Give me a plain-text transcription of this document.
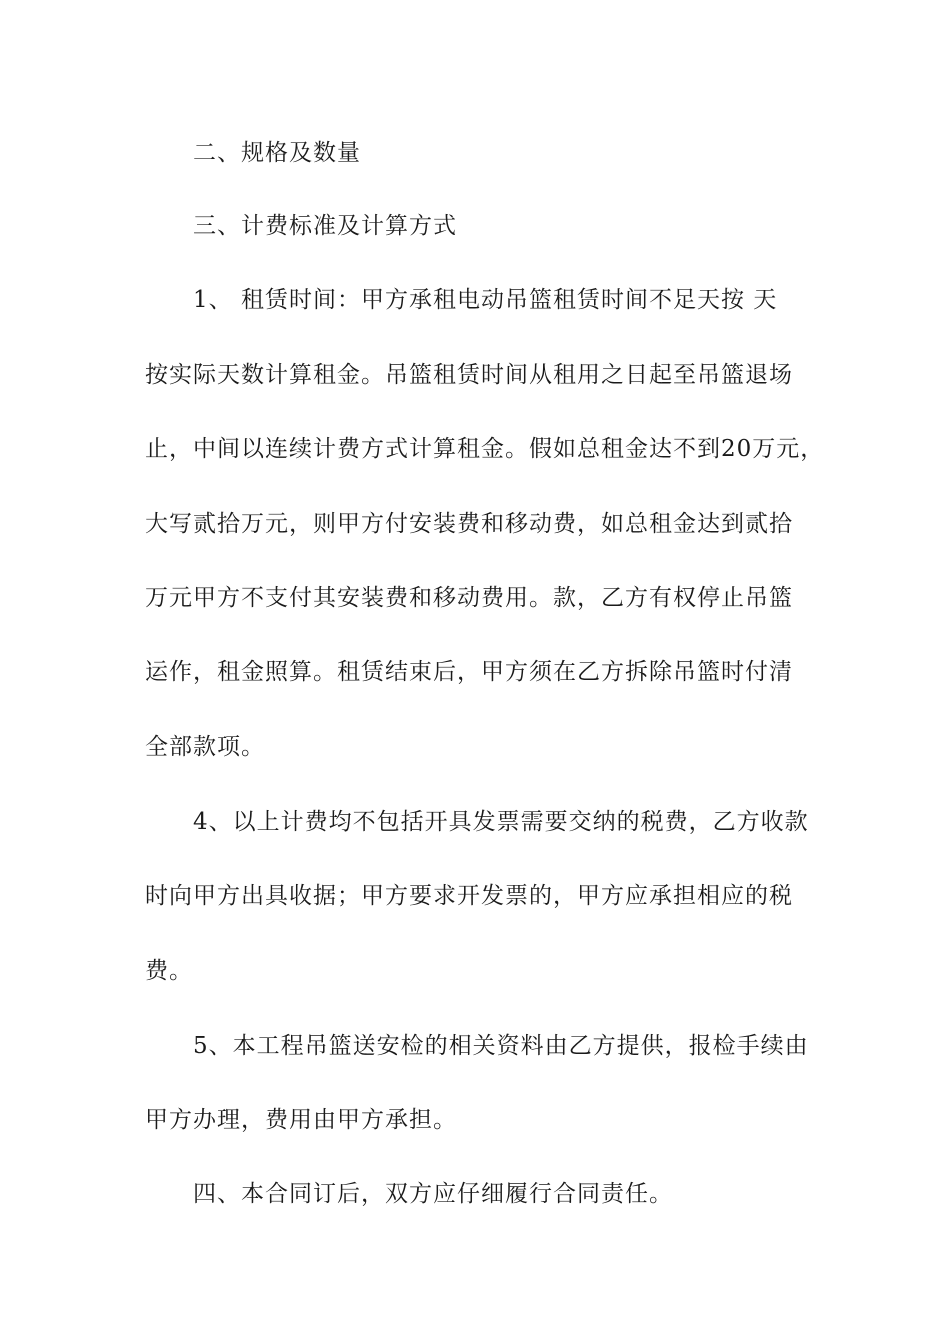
二、规格及数量

三、计费标准及计算方式

1、 租赁时间：甲方承租电动吊篮租赁时间不足天按 天

按实际天数计算租金。吊篮租赁时间从租用之日起至吊篮退场

止，中间以连续计费方式计算租金。假如总租金达不到20万元，

大写贰拾万元，则甲方付安装费和移动费，如总租金达到贰拾

万元甲方不支付其安装费和移动费用。款，乙方有权停止吊篮

运作，租金照算。租赁结束后，甲方须在乙方拆除吊篮时付清

全部款项。

4、以上计费均不包括开具发票需要交纳的税费，乙方收款

时向甲方出具收据；甲方要求开发票的，甲方应承担相应的税

费。

5、本工程吊篮送安检的相关资料由乙方提供，报检手续由

甲方办理，费用由甲方承担。

四、本合同订后，双方应仔细履行合同责任。
